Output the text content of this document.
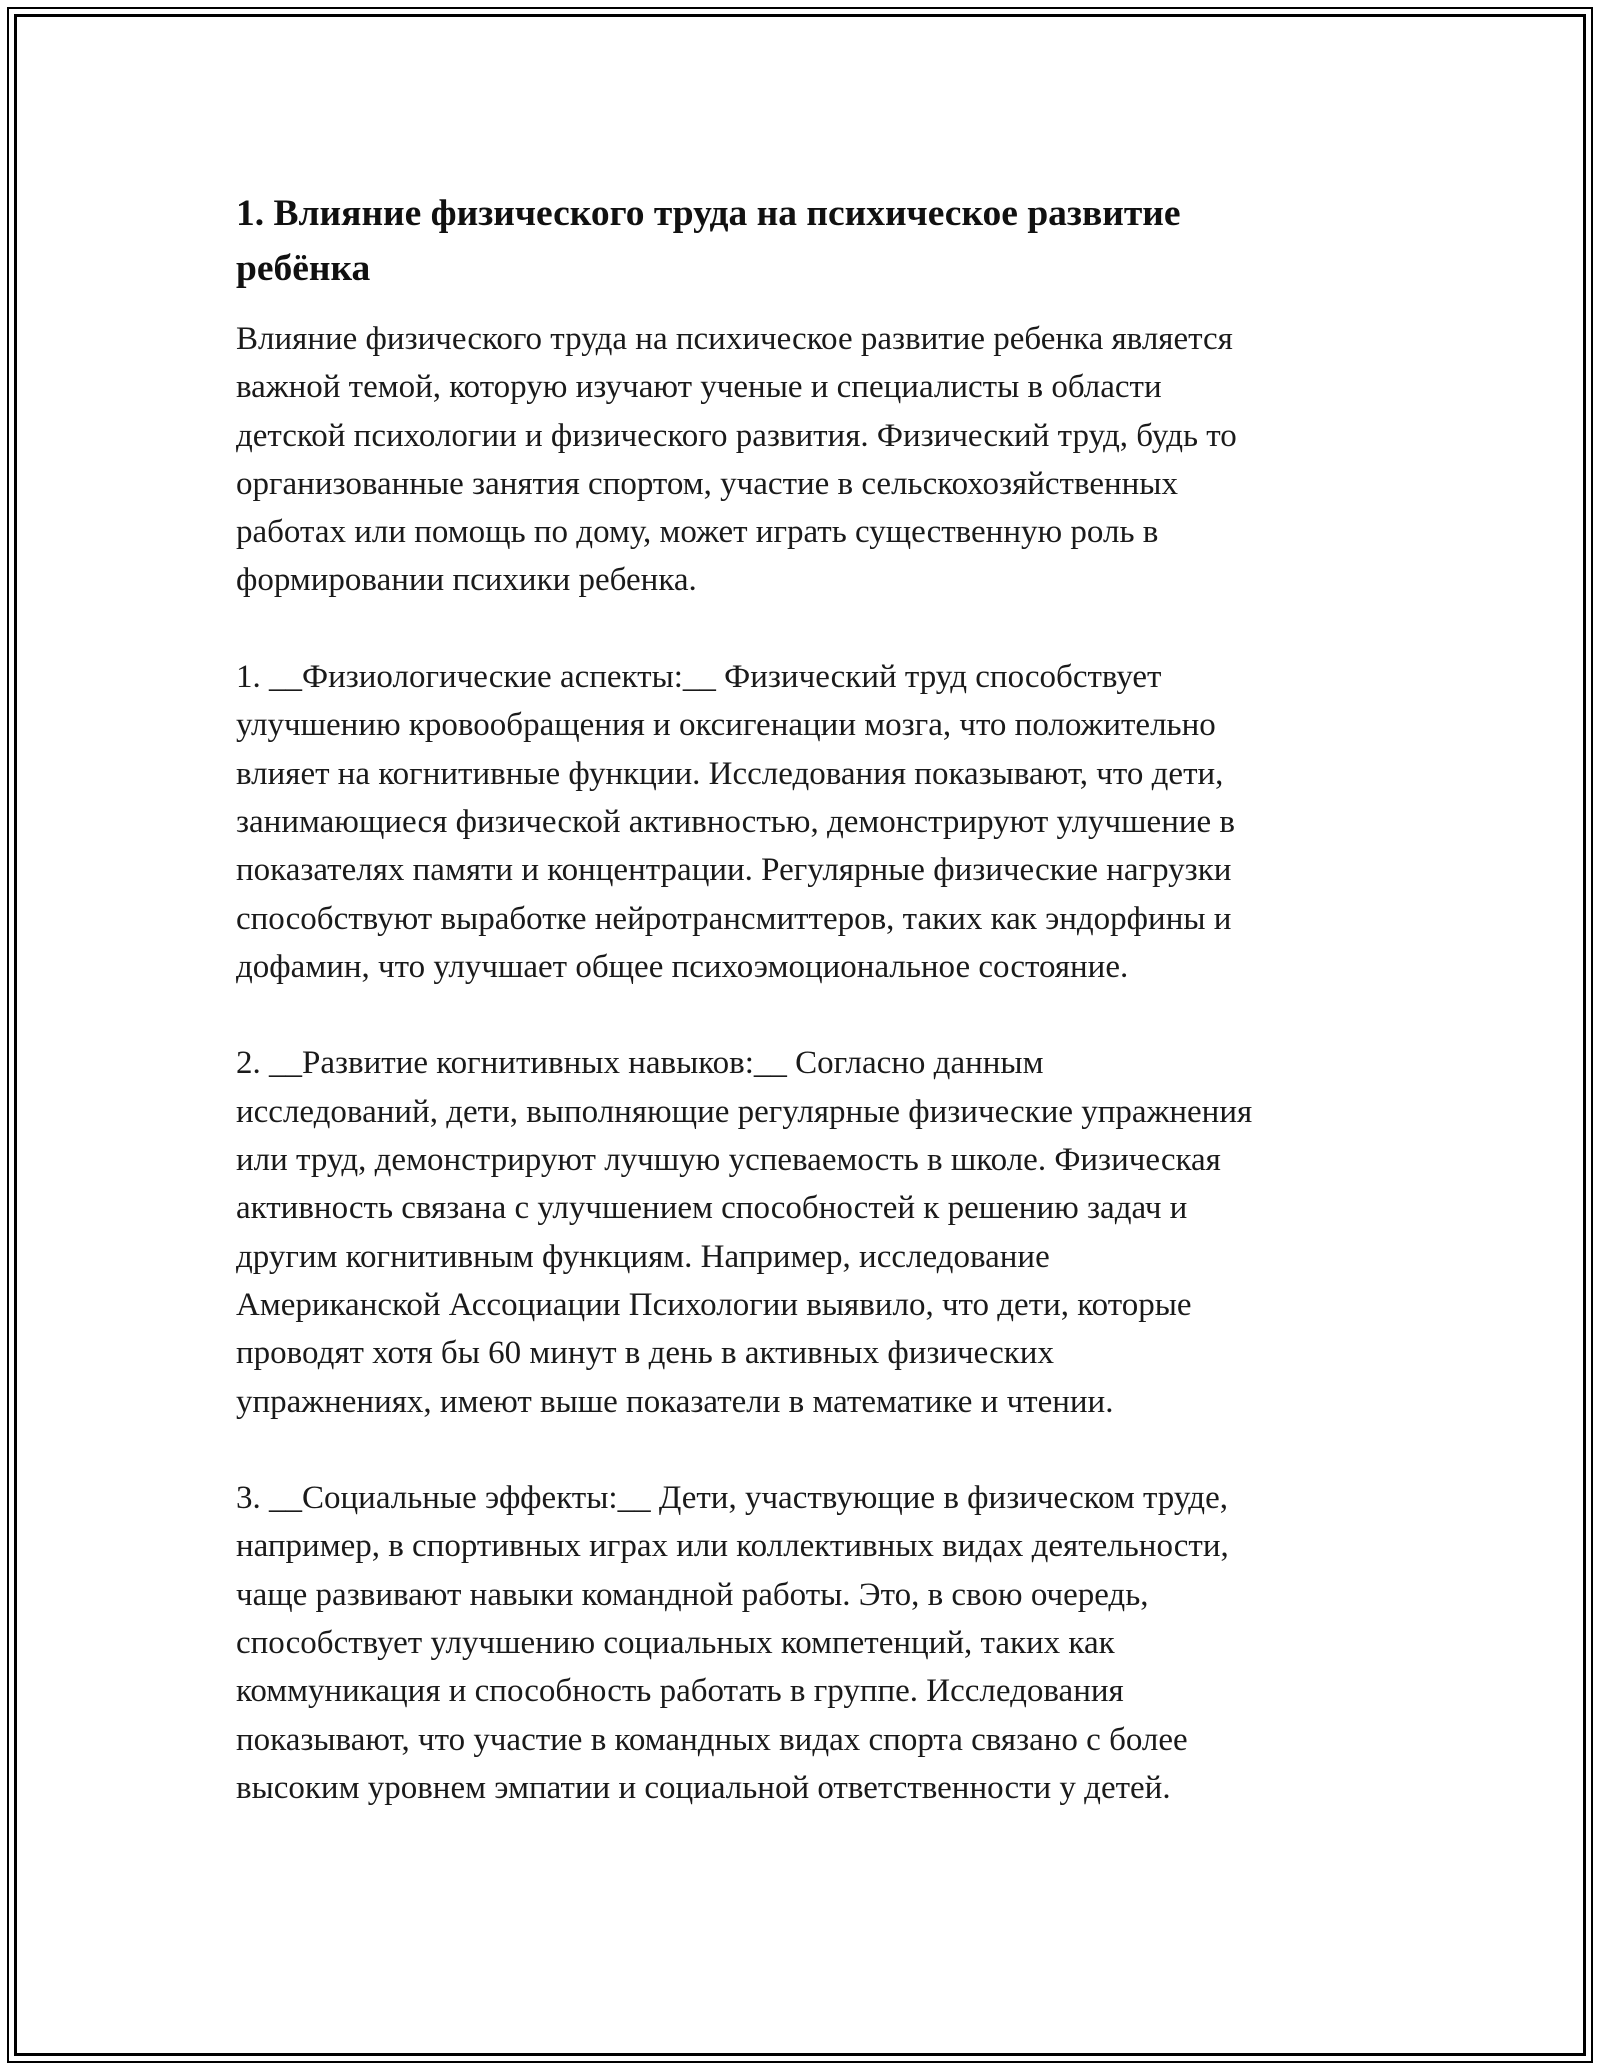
1. Влияние физического труда на психическое развитие
ребёнка

Влияние физического труда на психическое развитие ребенка является
важной темой, которую изучают ученые и специалисты в области
детской психологии и физического развития. Физический труд, будь то
организованные занятия спортом, участие в сельскохозяйственных
работах или помощь по дому, может играть существенную роль в
формировании психики ребенка.

1. __Физиологические аспекты:__ Физический труд способствует
улучшению кровообращения и оксигенации мозга, что положительно
влияет на когнитивные функции. Исследования показывают, что дети,
занимающиеся физической активностью, демонстрируют улучшение в
показателях памяти и концентрации. Регулярные физические нагрузки
способствуют выработке нейротрансмиттеров, таких как эндорфины и
дофамин, что улучшает общее психоэмоциональное состояние.

2. __Развитие когнитивных навыков:__ Согласно данным
исследований, дети, выполняющие регулярные физические упражнения
или труд, демонстрируют лучшую успеваемость в школе. Физическая
активность связана с улучшением способностей к решению задач и
другим когнитивным функциям. Например, исследование
Американской Ассоциации Психологии выявило, что дети, которые
проводят хотя бы 60 минут в день в активных физических
упражнениях, имеют выше показатели в математике и чтении.

3. __Социальные эффекты:__ Дети, участвующие в физическом труде,
например, в спортивных играх или коллективных видах деятельности,
чаще развивают навыки командной работы. Это, в свою очередь,
способствует улучшению социальных компетенций, таких как
коммуникация и способность работать в группе. Исследования
показывают, что участие в командных видах спорта связано с более
высоким уровнем эмпатии и социальной ответственности у детей.
